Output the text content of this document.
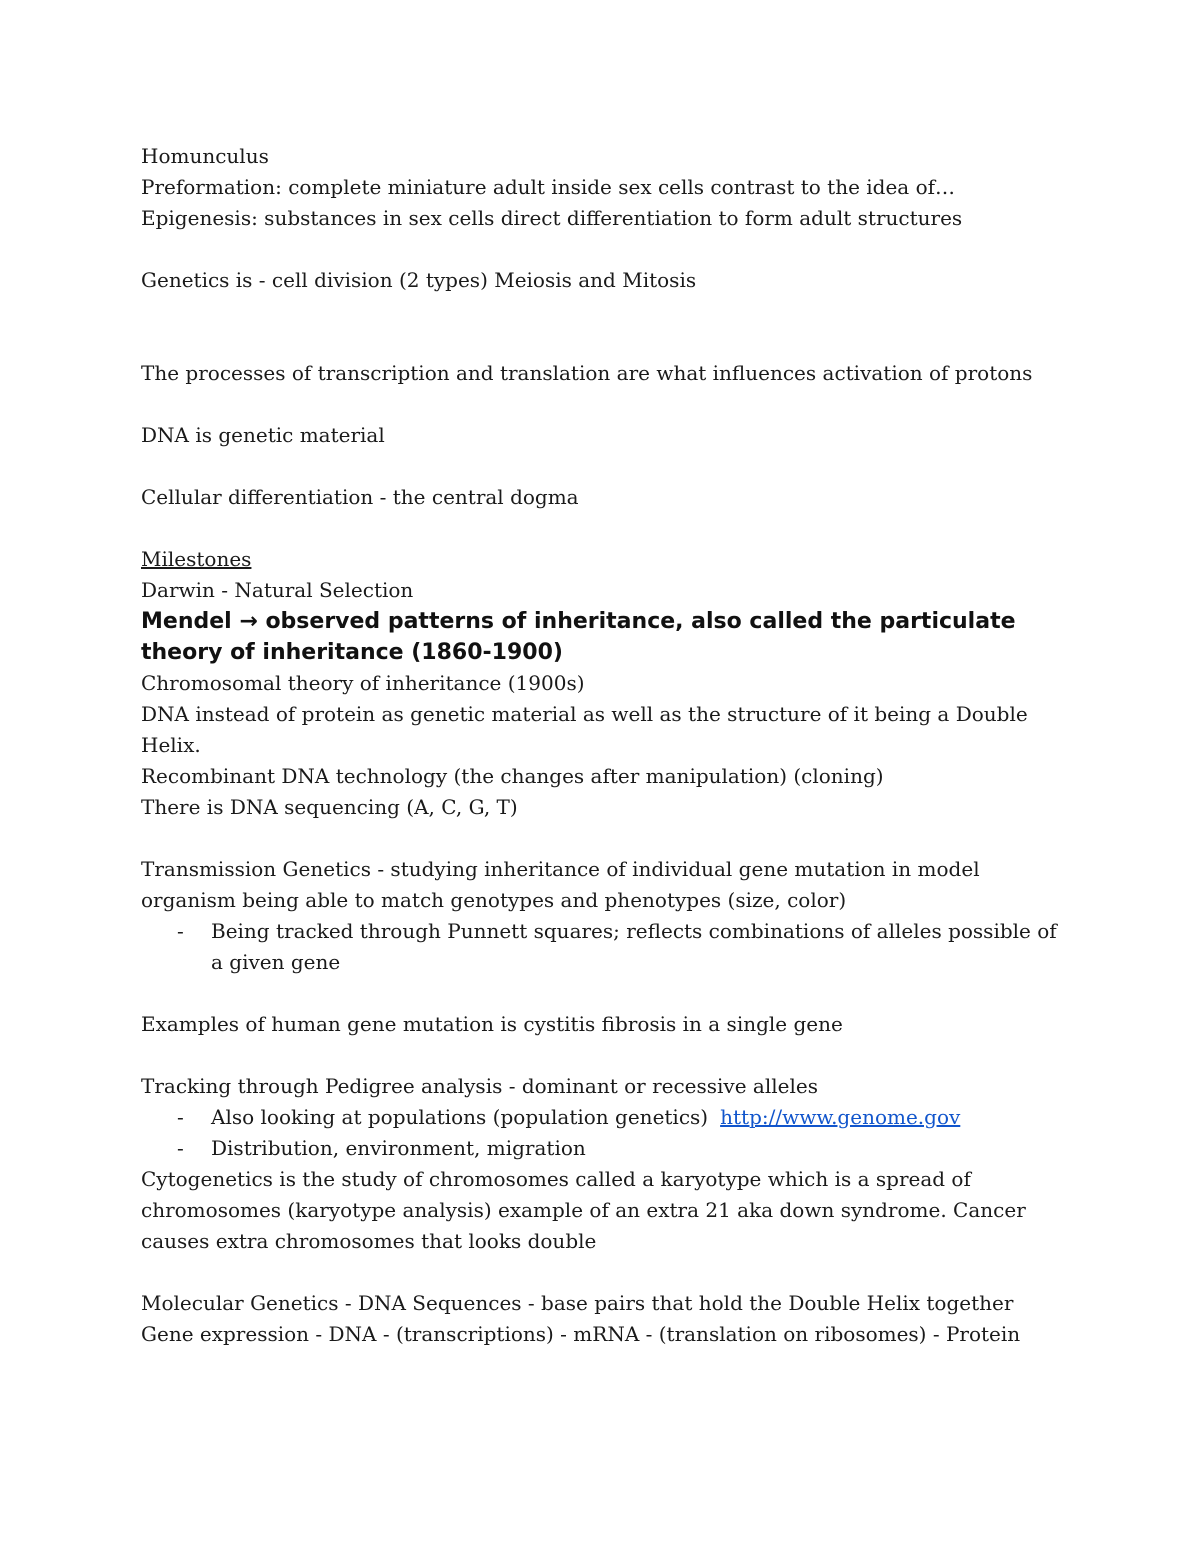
Homunculus

Preformation: complete miniature adult inside sex cells contrast to the idea of…

Epigenesis: substances in sex cells direct differentiation to form adult structures

Genetics is - cell division (2 types) Meiosis and Mitosis

The processes of transcription and translation are what influences activation of protons

DNA is genetic material

Cellular differentiation - the central dogma

Milestones

Darwin - Natural Selection

Mendel → observed patterns of inheritance, also called the particulate theory of inheritance (1860-1900)

Chromosomal theory of inheritance (1900s)

DNA instead of protein as genetic material as well as the structure of it being a Double Helix.

Recombinant DNA technology (the changes after manipulation) (cloning)

There is DNA sequencing (A, C, G, T)

Transmission Genetics - studying inheritance of individual gene mutation in model organism being able to match genotypes and phenotypes (size, color)

- Being tracked through Punnett squares; reflects combinations of alleles possible of a given gene

Examples of human gene mutation is cystitis fibrosis in a single gene

Tracking through Pedigree analysis - dominant or recessive alleles

- Also looking at populations (population genetics) http://www.genome.gov
- Distribution, environment, migration

Cytogenetics is the study of chromosomes called a karyotype which is a spread of chromosomes (karyotype analysis) example of an extra 21 aka down syndrome. Cancer causes extra chromosomes that looks double

Molecular Genetics - DNA Sequences - base pairs that hold the Double Helix together

Gene expression - DNA - (transcriptions) - mRNA - (translation on ribosomes) - Protein
